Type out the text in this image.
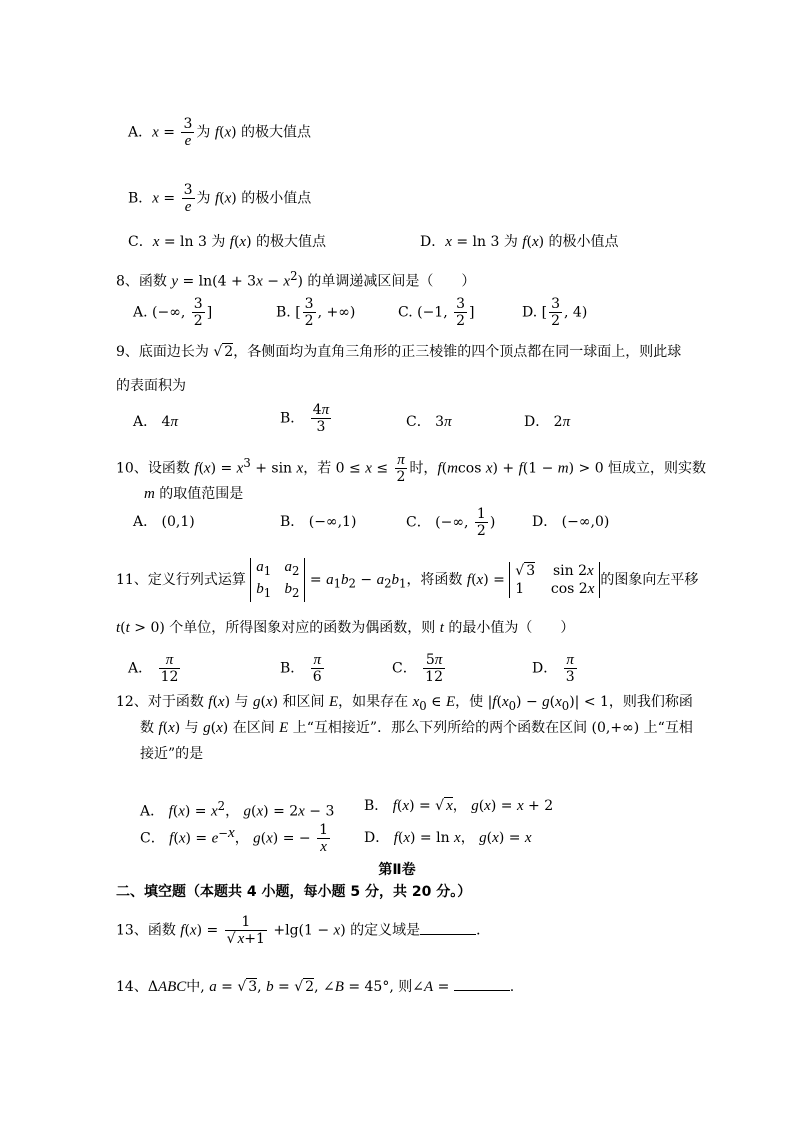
A．$x = \frac{3}{e}$ 为 f(x) 的极大值点
B．$x = \frac{3}{e}$ 为 f(x) 的极小值点
C．x = ln 3 为 f(x) 的极大值点	D．x = ln 3 为 f(x) 的极小值点
8、函数 $y = \ln(4 + 3x - x^2)$ 的单调递减区间是（　　）
A. (−∞, $\frac{3}{2}$ ]	B. [ $\frac{3}{2}$ , +∞)	C. (−1, $\frac{3}{2}$ ]	D. [ $\frac{3}{2}$ , 4)
9、底面边长为 √ 2，各侧面均为直角三角形的正三棱锥的四个顶点都在同一球面上，则此球
的表面积为
A． 4π	B． $\frac{4\pi}{3}$	C． 3π	D． 2π
10、设函数 $f(x) = x^3 + \sin x$，若 $0 \le x \le \frac{\pi}{2}$ 时，f(mcos x) + f(1 − m) > 0 恒成立，则实数
m 的取值范围是
A． (0,1)	B． (−∞,1)	C． (−∞, $\frac{1}{2}$ )	D． (−∞,0)
11、定义行列式运算
$a_1$ $a_2$
$b_1$ $b_2$
= $a_1b_2 - a_2b_1$，将函数 f(x) =
√ 3    sin 2x
1      cos 2x
的图象向左平移
t(t > 0) 个单位，所得图象对应的函数为偶函数，则 t 的最小值为（　　）
A． $\frac{\pi}{12}$	B． $\frac{\pi}{6}$	C． $\frac{5\pi}{12}$	D． $\frac{\pi}{3}$
12、对于函数 f(x) 与 g(x) 和区间 E，如果存在 $x_0$ ∈ E，使 $|f(x_0) - g(x_0)| < 1$，则我们称函
数 f(x) 与 g(x) 在区间 E 上“互相接近”．那么下列所给的两个函数在区间 (0,+∞) 上“互相
接近”的是
A． $f(x) = x^2$， g(x) = 2x − 3 B． f(x) = √ x， g(x) = x + 2
C． $f(x) = e^{-x}$， g(x) = − $\frac{1}{x}$ D． f(x) = ln x， g(x) = x
第Ⅱ卷
二、填空题（本题共 4 小题，每小题 5 分，共 20 分。）
13、函数 $f(x) = \frac{1}{√ x+1} +\lg(1 - x)$ 的定义域是	．
14、ΔABC中, a = √ 3, b = √ 2, ∠B = 45°, 则∠A =	.
